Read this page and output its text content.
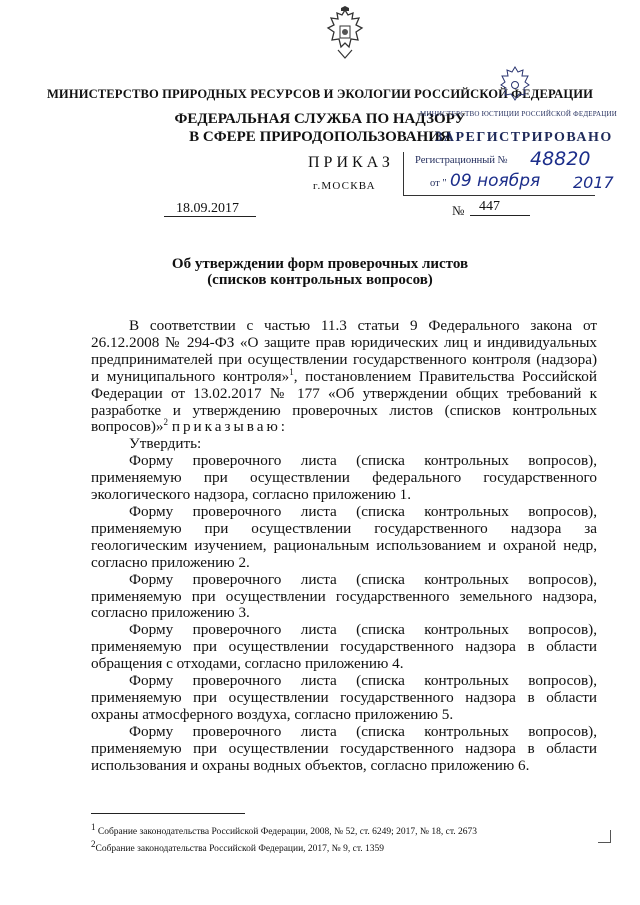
МИНИСТЕРСТВО ПРИРОДНЫХ РЕСУРСОВ И ЭКОЛОГИИ РОССИЙСКОЙ ФЕДЕРАЦИИ
ФЕДЕРАЛЬНАЯ СЛУЖБА ПО НАДЗОРУ
В СФЕРЕ ПРИРОДОПОЛЬЗОВАНИЯ
МИНИСТЕРСТВО ЮСТИЦИИ РОССИЙСКОЙ ФЕДЕРАЦИИ
ЗАРЕГИСТРИРОВАНО
Регистрационный № 48820
от " 09 ноября 2017
ПРИКАЗ
г.МОСКВА
18.09.2017	№ 447
Об утверждении форм проверочных листов
(списков контрольных вопросов)

В соответствии с частью 11.3 статьи 9 Федерального закона от 26.12.2008 № 294-ФЗ «О защите прав юридических лиц и индивидуальных предпринимателей при осуществлении государственного контроля (надзора) и муниципального контроля»$^1$, постановлением Правительства Российской Федерации от 13.02.2017 № 177 «Об утверждении общих требований к разработке и утверждению проверочных листов (списков контрольных вопросов)»$^2$ приказываю:

Утвердить:

Форму проверочного листа (списка контрольных вопросов), применяемую при осуществлении федерального государственного экологического надзора, согласно приложению 1.

Форму проверочного листа (списка контрольных вопросов), применяемую при осуществлении государственного надзора за геологическим изучением, рациональным использованием и охраной недр, согласно приложению 2.

Форму проверочного листа (списка контрольных вопросов), применяемую при осуществлении государственного земельного надзора, согласно приложению 3.

Форму проверочного листа (списка контрольных вопросов), применяемую при осуществлении государственного надзора в области обращения с отходами, согласно приложению 4.

Форму проверочного листа (списка контрольных вопросов), применяемую при осуществлении государственного надзора в области охраны атмосферного воздуха, согласно приложению 5.

Форму проверочного листа (списка контрольных вопросов), применяемую при осуществлении государственного надзора в области использования и охраны водных объектов, согласно приложению 6.

$^1$ Собрание законодательства Российской Федерации, 2008, № 52, ст. 6249; 2017, № 18, ст. 2673
$^2$Собрание законодательства Российской Федерации, 2017, № 9, ст. 1359
